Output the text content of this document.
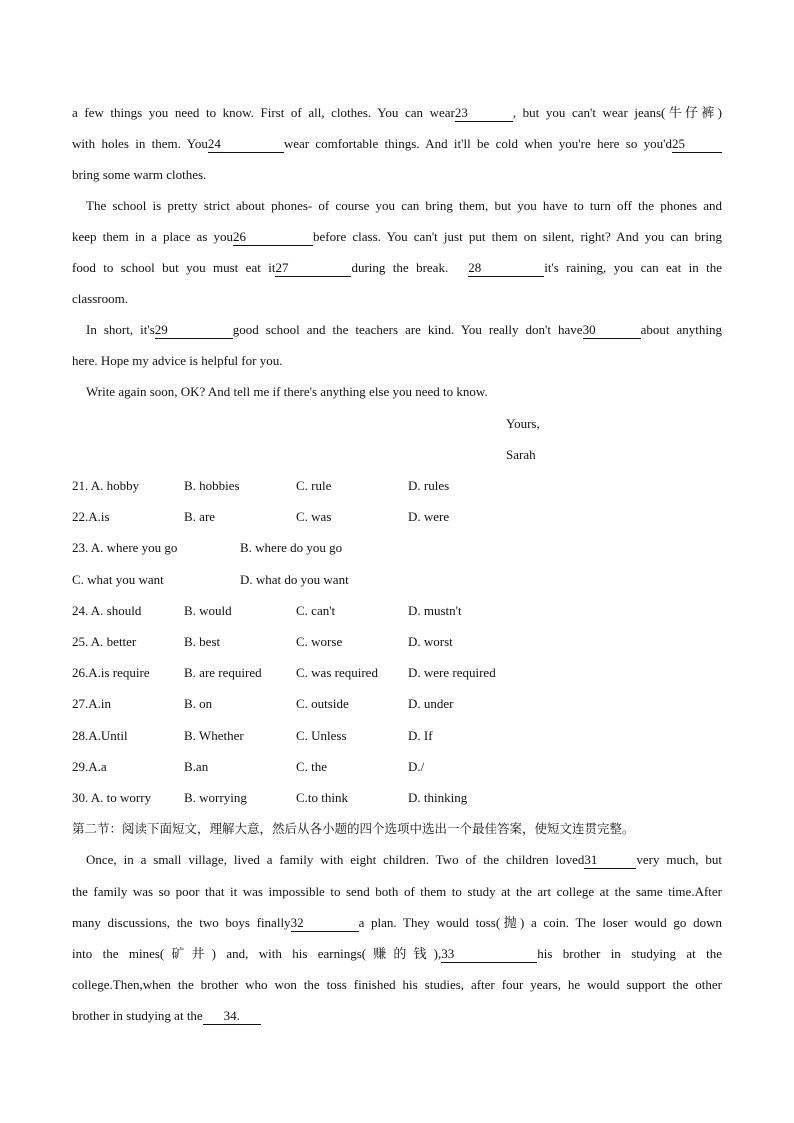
a few things you need to know. First of all, clothes. You can wear23	, but you can't wear jeans(牛仔裤)
with holes in them. You24	wear comfortable things. And it'll be cold when you're here so you'd25
bring some warm clothes.
The school is pretty strict about phones- of course you can bring them, but you have to turn off the phones and
keep them in a place as you26	before class. You can't just put them on silent, right? And you can bring
food to school but you must eat it27	during the break. 28	it's raining, you can eat in the
classroom.
In short, it's29	good school and the teachers are kind. You really don't have30	about anything
here. Hope my advice is helpful for you.
Write again soon, OK? And tell me if there's anything else you need to know.
Yours,
Sarah
21. A. hobby	B. hobbies	C. rule	D. rules
22.A.is	B. are	C. was	D. were
23. A. where you go	B. where do you go
C. what you want	D. what do you want
24. A. should	B. would	C. can't	D. mustn't
25. A. better	B. best	C. worse	D. worst
26.A.is require	B. are required	C. was required D. were required
27.A.in	B. on	C. outside	D. under
28.A.Until	B. Whether	C. Unless	D. If
29.A.a	B.an	C. the	D./
30. A. to worry	B. worrying	C.to think	D. thinking
第二节：阅读下面短文，理解大意，然后从各小题的四个选项中选出一个最佳答案，使短文连贯完整。
Once, in a small village, lived a family with eight children. Two of the children loved31	very much, but
the family was so poor that it was impossible to send both of them to study at the art college at the same time.After
many discussions, the two boys finally32	a plan. They would toss(抛) a coin. The loser would go down
into the mines(矿井) and, with his earnings(赚的钱),33	his brother in studying at the
college.Then,when the brother who won the toss finished his studies, after four years, he would support the other
brother in studying at the 34.
